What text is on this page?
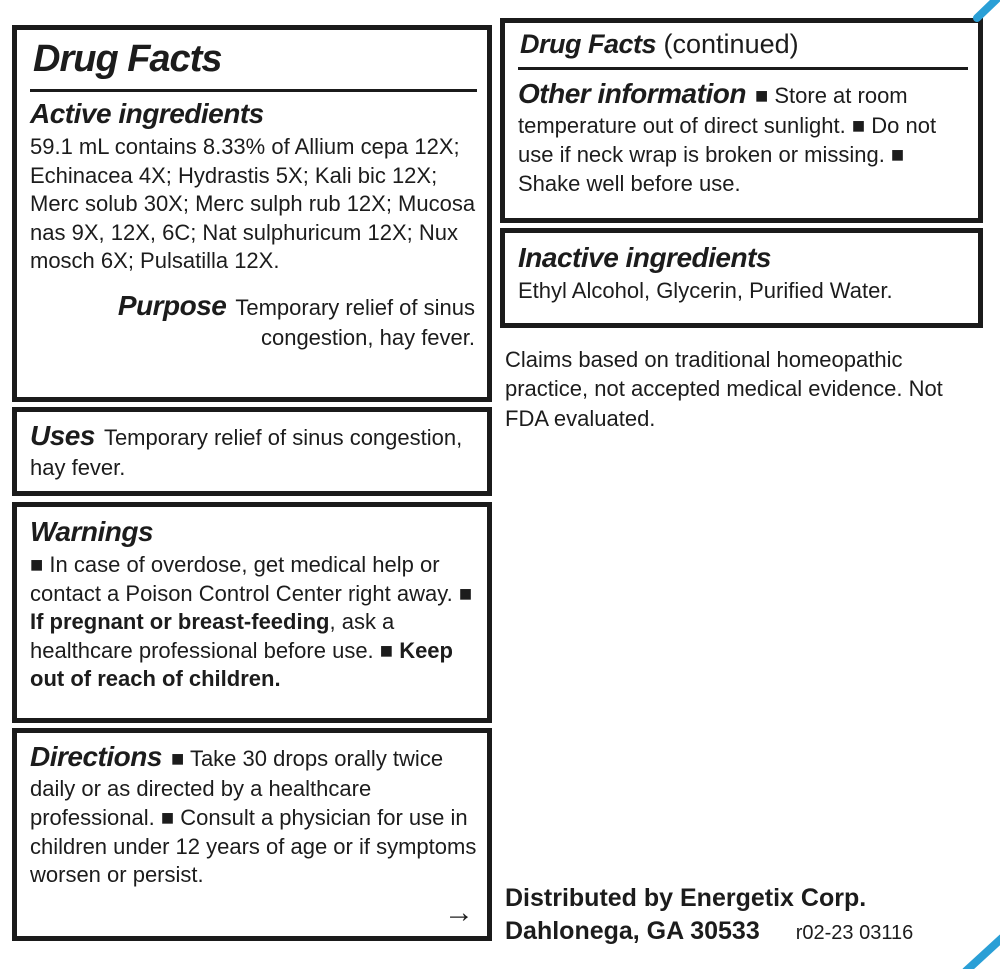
Drug Facts
Active ingredients

59.1 mL contains 8.33% of Allium cepa 12X; Echinacea 4X; Hydrastis 5X; Kali bic 12X; Merc solub 30X; Merc sulph rub 12X; Mucosa nas 9X, 12X, 6C; Nat sulphuricum 12X; Nux mosch 6X; Pulsatilla 12X.

Purpose Temporary relief of sinus congestion, hay fever.

Uses Temporary relief of sinus congestion, hay fever.

Warnings

■ In case of overdose, get medical help or contact a Poison Control Center right away. ■ If pregnant or breast-feeding, ask a healthcare professional before use. ■ Keep out of reach of children.

Directions ■ Take 30 drops orally twice daily or as directed by a healthcare professional. ■ Consult a physician for use in children under 12 years of age or if symptoms worsen or persist.

→
Drug Facts (continued)

Other information ■ Store at room temperature out of direct sunlight. ■ Do not use if neck wrap is broken or missing. ■ Shake well before use.

Inactive ingredients

Ethyl Alcohol, Glycerin, Purified Water.

Claims based on traditional homeopathic practice, not accepted medical evidence. Not FDA evaluated.

Distributed by Energetix Corp.
Dahlonega, GA 30533 r02-23 03116
